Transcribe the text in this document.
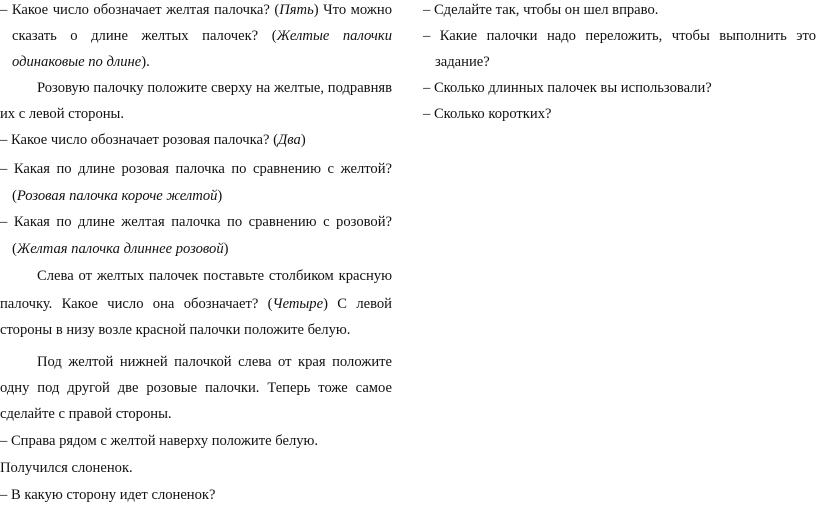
– Какое число обозначает желтая палочка? (Пять) Что можно
сказать о длине желтых палочек? (Желтые палочки
одинаковые по длине).
Розовую палочку положите сверху на желтые, подравняв
их с левой стороны.
– Какое число обозначает розовая палочка? (Два)
– Какая по длине розовая палочка по сравнению с желтой?
(Розовая палочка короче желтой)
– Какая по длине желтая палочка по сравнению с розовой?
(Желтая палочка длиннее розовой)
Слева от желтых палочек поставьте столбиком красную
палочку. Какое число она обозначает? (Четыре) С левой
стороны в низу возле красной палочки положите белую.
Под желтой нижней палочкой слева от края положите
одну под другой две розовые палочки. Теперь тоже самое
сделайте с правой стороны.
– Справа рядом с желтой наверху положите белую.
Получился слоненок.
– В какую сторону идет слоненок?
– Сделайте так, чтобы он шел вправо.
– Какие палочки надо переложить, чтобы выполнить это
задание?
– Сколько длинных палочек вы использовали?
– Сколько коротких?
